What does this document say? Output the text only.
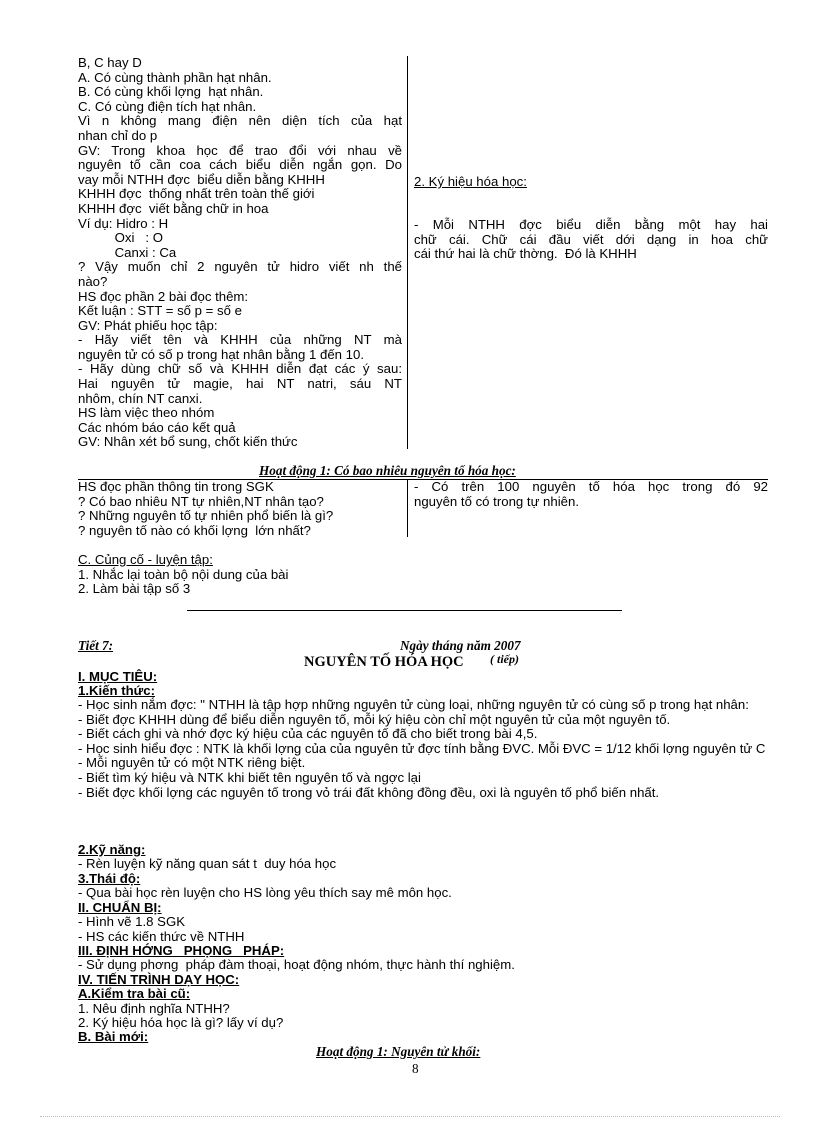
B, C hay D
A. Có cùng thành phần hạt nhân.
B. Có cùng khối lợng  hạt nhân.
C. Có cùng điện tích hạt nhân.
Vì n không mang điện nên diện tích của hạt
nhan chỉ do p
GV: Trong khoa học để trao đổi với nhau về
nguyên tố cần coa cách biểu diễn ngắn gọn. Do
vay mỗi NTHH đợc  biểu diễn bằng KHHH
KHHH đợc  thống nhất trên toàn thế giới
KHHH đợc  viết bằng chữ in hoa
Ví dụ: Hidro : H
Oxi   : O
Canxi : Ca
? Vậy muốn chỉ 2 nguyên tử hidro viết nh thế
nào?
HS đọc phần 2 bài đọc thêm:
Kết luận : STT = số p = số e
GV: Phát phiếu học tập:
- Hãy viết tên và KHHH của những NT mà
nguyên tử có số p trong hạt nhân bằng 1 đến 10.
- Hãy dùng chữ số và KHHH diễn đạt các ý sau:
Hai nguyên tử magie, hai NT natri, sáu NT
nhôm, chín NT canxi.
HS làm việc theo nhóm
Các nhóm báo cáo kết quả
GV: Nhân xét bổ sung, chốt kiến thức
2. Ký hiệu hóa học:
- Mỗi NTHH đợc biểu diễn bằng một hay hai
chữ cái. Chữ cái đầu viết dới dạng in hoa chữ
cái thứ hai là chữ thờng.  Đó là KHHH
Hoạt động 1: Có bao nhiêu nguyên tố hóa học:
HS đọc phần thông tin trong SGK
? Có bao nhiêu NT tự nhiên,NT nhân tạo?
? Những nguyên tố tự nhiên phổ biến là gì?
? nguyên tố nào có khối lợng  lớn nhất?
- Có trên 100 nguyên tố hóa học trong đó 92
nguyên tố có trong tự nhiên.
C. Củng cố - luyện tập:
1. Nhắc lại toàn bộ nội dung của bài
2. Làm bài tập số 3
Tiết 7:	Ngày tháng năm 2007
NGUYÊN TỐ HÓA HỌC ( tiếp)
I. MỤC TIÊU:
1.Kiến thức:
- Học sinh nắm đợc: " NTHH là tập hợp những nguyên tử cùng loại, những nguyên tử có cùng số p trong hạt nhân:
- Biết đợc KHHH dùng để biểu diễn nguyên tố, mỗi ký hiệu còn chỉ một nguyên tử của một nguyên tố.
- Biết cách ghi và nhớ đợc ký hiệu của các nguyên tố đã cho biết trong bài 4,5.
- Học sinh hiểu đợc : NTK là khối lợng của của nguyên tử đợc tính bằng ĐVC. Mỗi ĐVC = 1/12 khối lợng nguyên tử C
- Mỗi nguyên tử có một NTK riêng biệt.
- Biết tìm ký hiệu và NTK khi biết tên nguyên tố và ngợc lại
- Biết đợc khối lợng các nguyên tố trong vỏ trái đất không đồng đều, oxi là nguyên tố phổ biến nhất.
2.Kỹ năng:
- Rèn luyện kỹ năng quan sát t  duy hóa học
3.Thái độ:
- Qua bài học rèn luyện cho HS lòng yêu thích say mê môn học.
II. CHUẨN BỊ:
- Hình vẽ 1.8 SGK
- HS các kiến thức về NTHH
III. ĐỊNH HỚNG   PHỌNG   PHÁP:
- Sử dụng phơng  pháp đàm thoại, hoạt động nhóm, thực hành thí nghiệm.
IV. TIẾN TRÌNH DẠY HỌC:
A.Kiểm tra bài cũ:
1. Nêu định nghĩa NTHH?
2. Ký hiệu hóa học là gì? lấy ví dụ?
B. Bài mới:
Hoạt động 1: Nguyên tử khối:
8
